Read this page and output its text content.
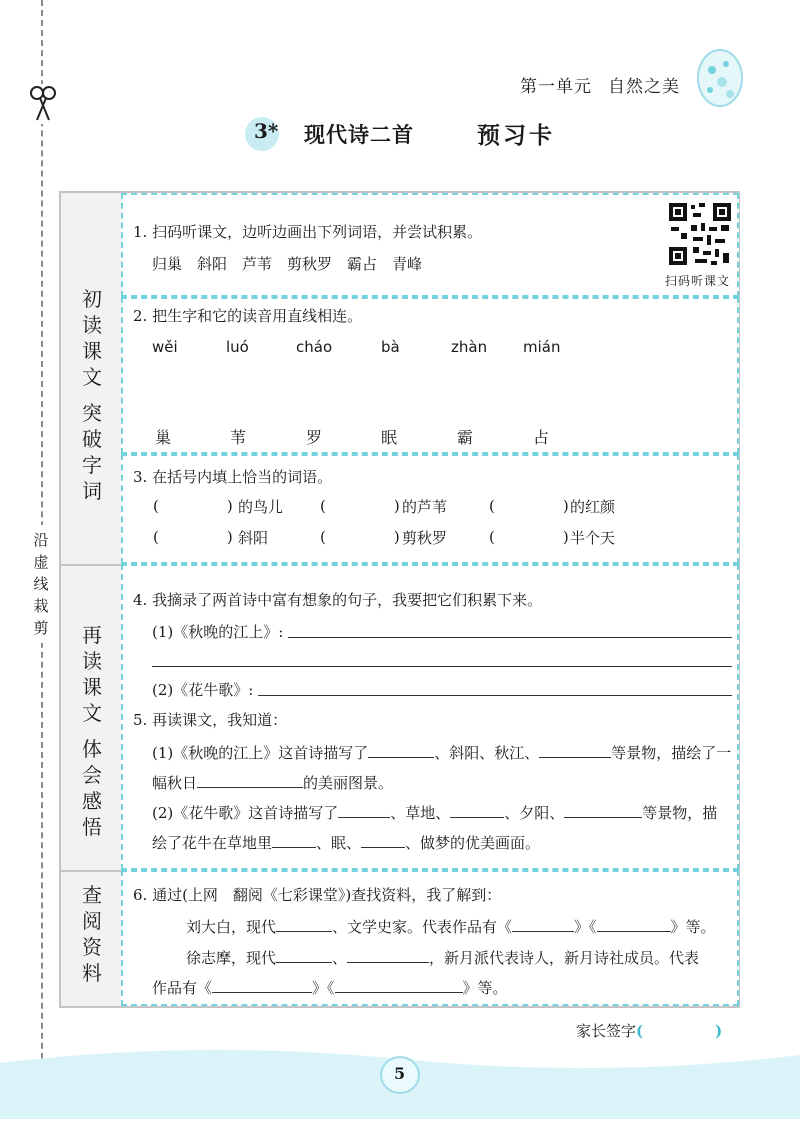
沿虚线栽剪
第一单元 自然之美
3* 现代诗二首	预习卡
初
读
课
文
突
破
字
词
再
读
课
文
体
会
感
悟
查
阅
资
料
1. 扫码听课文，边听边画出下列词语，并尝试积累。
归巢　斜阳　芦苇　剪秋罗　霸占　青峰
扫码听课文
2. 把生字和它的读音用直线相连。
wěi	luó	cháo	bà	zhàn mián
巢	苇	罗	眠	霸	占
3. 在括号内填上恰当的词语。
(	) 的鸟儿 (	) 的芦苇	(	) 的红颜
(	) 斜阳	(	) 剪秋罗	(	) 半个天
4. 我摘录了两首诗中富有想象的句子，我要把它们积累下来。
(1)《秋晚的江上》:
(2)《花牛歌》:
5. 再读课文，我知道：
(1)《秋晚的江上》这首诗描写了	、斜阳、秋江、	等景物，描绘了一
幅秋日	的美丽图景。
(2)《花牛歌》这首诗描写了	、草地、	、夕阳、	等景物，描
绘了花牛在草地里	、眠、	、做梦的优美画面。
6. 通过(上网　翻阅《七彩课堂》)查找资料，我了解到：
刘大白，现代	、文学史家。代表作品有《	》《	》等。
徐志摩，现代	、	，新月派代表诗人，新月诗社成员。代表
作品有《	》《	》等。
家长签字(	)
5
